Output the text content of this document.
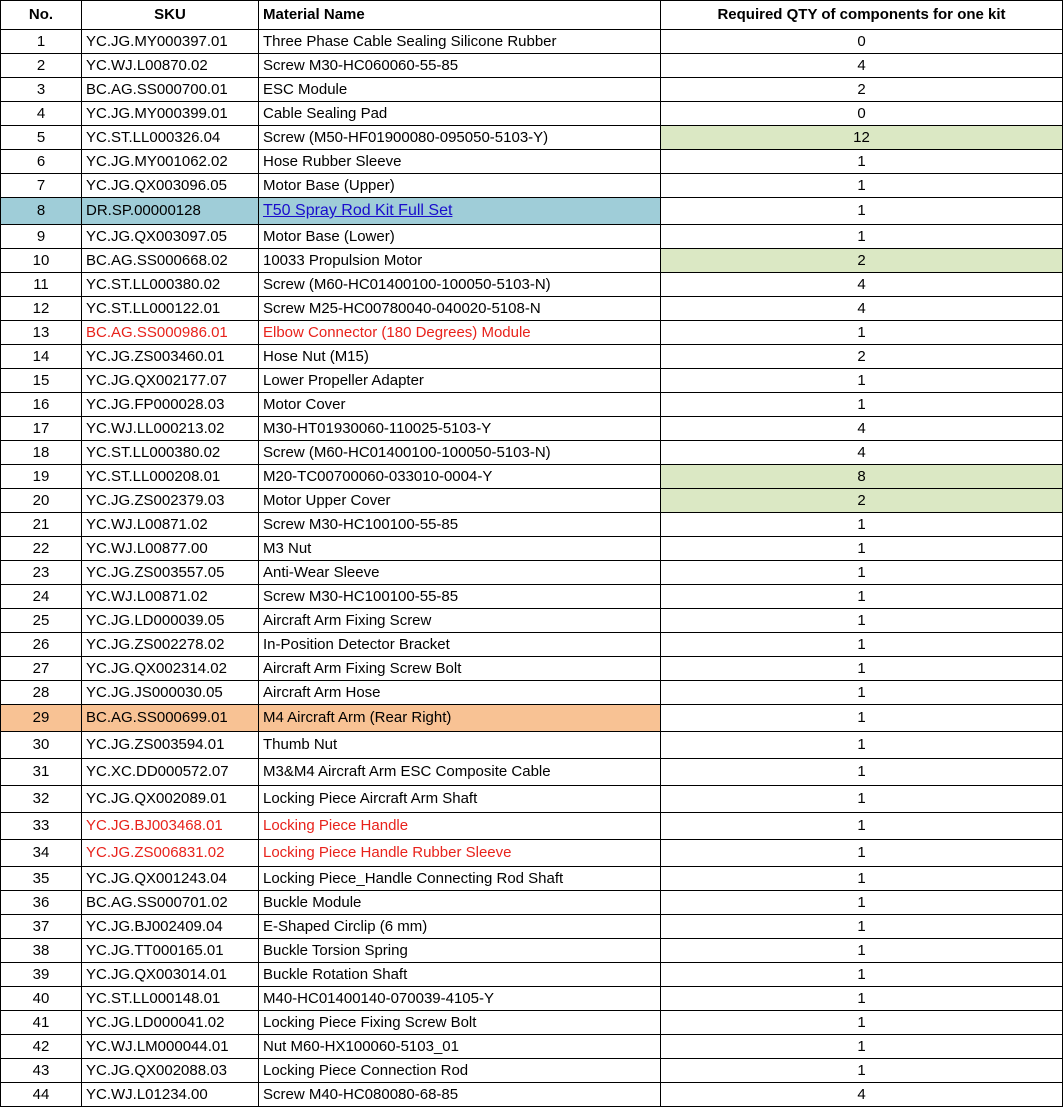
No.	SKU	Material Name	Required QTY of components for one kit
1	YC.JG.MY000397.01	Three Phase Cable Sealing Silicone Rubber	0
2	YC.WJ.L00870.02	Screw M30-HC060060-55-85	4
3	BC.AG.SS000700.01	ESC Module	2
4	YC.JG.MY000399.01	Cable Sealing Pad	0
5	YC.ST.LL000326.04	Screw (M50-HF01900080-095050-5103-Y)	12
6	YC.JG.MY001062.02	Hose Rubber Sleeve	1
7	YC.JG.QX003096.05	Motor Base (Upper)	1
8	DR.SP.00000128	T50 Spray Rod Kit Full Set	1
9	YC.JG.QX003097.05	Motor Base (Lower)	1
10	BC.AG.SS000668.02	10033 Propulsion Motor	2
11	YC.ST.LL000380.02	Screw (M60-HC01400100-100050-5103-N)	4
12	YC.ST.LL000122.01	Screw M25-HC00780040-040020-5108-N	4
13	BC.AG.SS000986.01	Elbow Connector (180 Degrees) Module	1
14	YC.JG.ZS003460.01	Hose Nut (M15)	2
15	YC.JG.QX002177.07	Lower Propeller Adapter	1
16	YC.JG.FP000028.03	Motor Cover	1
17	YC.WJ.LL000213.02	M30-HT01930060-110025-5103-Y	4
18	YC.ST.LL000380.02	Screw (M60-HC01400100-100050-5103-N)	4
19	YC.ST.LL000208.01	M20-TC00700060-033010-0004-Y	8
20	YC.JG.ZS002379.03	Motor Upper Cover	2
21	YC.WJ.L00871.02	Screw M30-HC100100-55-85	1
22	YC.WJ.L00877.00	M3 Nut	1
23	YC.JG.ZS003557.05	Anti-Wear Sleeve	1
24	YC.WJ.L00871.02	Screw M30-HC100100-55-85	1
25	YC.JG.LD000039.05	Aircraft Arm Fixing Screw	1
26	YC.JG.ZS002278.02	In-Position Detector Bracket	1
27	YC.JG.QX002314.02	Aircraft Arm Fixing Screw Bolt	1
28	YC.JG.JS000030.05	Aircraft Arm Hose	1
29	BC.AG.SS000699.01	M4 Aircraft Arm (Rear Right)	1
30	YC.JG.ZS003594.01	Thumb Nut	1
31	YC.XC.DD000572.07	M3&M4 Aircraft Arm ESC Composite Cable	1
32	YC.JG.QX002089.01	Locking Piece Aircraft Arm Shaft	1
33	YC.JG.BJ003468.01	Locking Piece Handle	1
34	YC.JG.ZS006831.02	Locking Piece Handle Rubber Sleeve	1
35	YC.JG.QX001243.04	Locking Piece_Handle Connecting Rod Shaft	1
36	BC.AG.SS000701.02	Buckle Module	1
37	YC.JG.BJ002409.04	E-Shaped Circlip (6 mm)	1
38	YC.JG.TT000165.01	Buckle Torsion Spring	1
39	YC.JG.QX003014.01	Buckle Rotation Shaft	1
40	YC.ST.LL000148.01	M40-HC01400140-070039-4105-Y	1
41	YC.JG.LD000041.02	Locking Piece Fixing Screw Bolt	1
42	YC.WJ.LM000044.01	Nut M60-HX100060-5103_01	1
43	YC.JG.QX002088.03	Locking Piece Connection Rod	1
44	YC.WJ.L01234.00	Screw M40-HC080080-68-85	4
